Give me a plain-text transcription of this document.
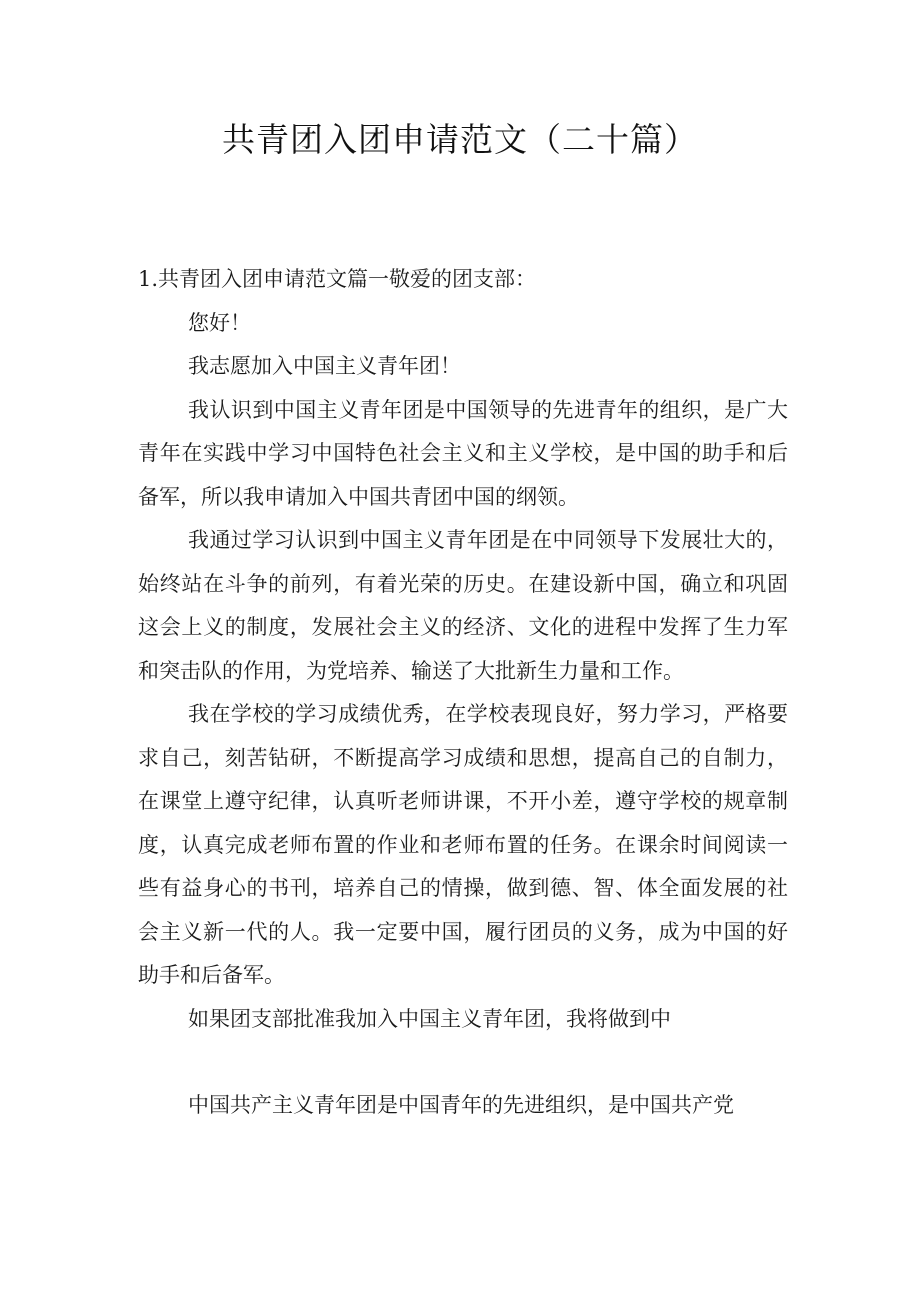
共青团入团申请范文（二十篇）

1.共青团入团申请范文篇一敬爱的团支部：

您好！

我志愿加入中国主义青年团！

我认识到中国主义青年团是中国领导的先进青年的组织，是广大青年在实践中学习中国特色社会主义和主义学校，是中国的助手和后备军，所以我申请加入中国共青团中国的纲领。

我通过学习认识到中国主义青年团是在中同领导下发展壮大的，始终站在斗争的前列，有着光荣的历史。在建设新中国，确立和巩固这会上义的制度，发展社会主义的经济、文化的进程中发挥了生力军和突击队的作用，为党培养、输送了大批新生力量和工作。

我在学校的学习成绩优秀，在学校表现良好，努力学习，严格要求自己，刻苦钻研，不断提高学习成绩和思想，提高自己的自制力，在课堂上遵守纪律，认真听老师讲课，不开小差，遵守学校的规章制度，认真完成老师布置的作业和老师布置的任务。在课余时间阅读一些有益身心的书刊，培养自己的情操，做到德、智、体全面发展的社会主义新一代的人。我一定要中国，履行团员的义务，成为中国的好助手和后备军。

如果团支部批准我加入中国主义青年团，我将做到中

中国共产主义青年团是中国青年的先进组织，是中国共产党
